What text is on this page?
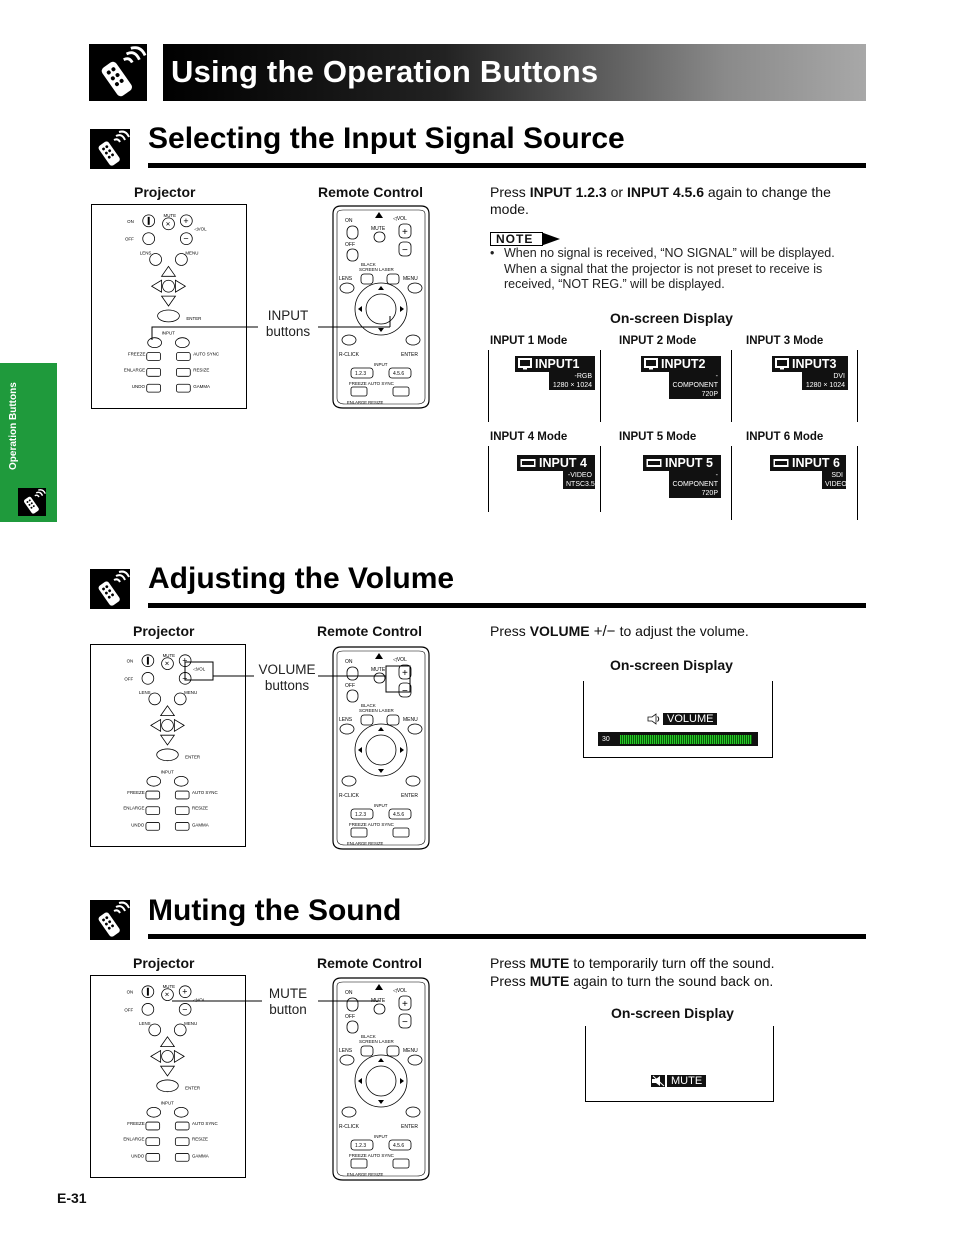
Using the Operation Buttons
Operation Buttons
Selecting the Input Signal Source
Projector	Remote Control
INPUT
buttons
Press INPUT 1.2.3 or INPUT 4.5.6 again to change the mode.
NOTE
• When no signal is received, “NO SIGNAL” will be displayed. When a signal that the projector is not preset to receive is received, “NOT REG.” will be displayed.
On-screen Display
INPUT 1 Mode	INPUT 2 Mode	INPUT 3 Mode
INPUT 4 Mode	INPUT 5 Mode	INPUT 6 Mode
INPUT1
-RGB
1280 × 1024
INPUT2
-COMPONENT
720P
INPUT3
DVI
1280 × 1024
INPUT 4
-VIDEO
NTSC3.58
INPUT 5
-COMPONENT
720P
INPUT 6
SDI
VIDEO
Adjusting the Volume
Projector	Remote Control
VOLUME
buttons
Press VOLUME +/− to adjust the volume.
On-screen Display
VOLUME
30
Muting the Sound
Projector	Remote Control
MUTE
button
Press MUTE to temporarily turn off the sound.
Press MUTE again to turn the sound back on.
On-screen Display
MUTE
E-31
